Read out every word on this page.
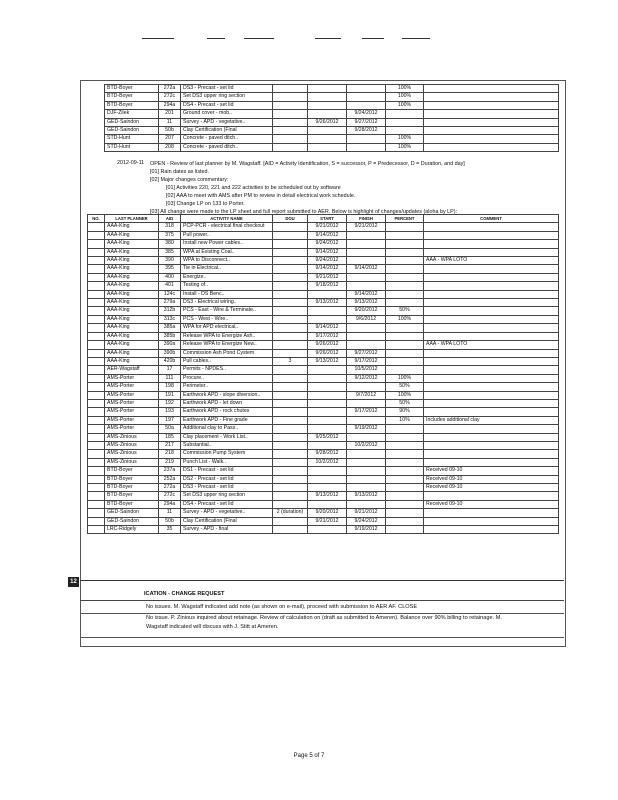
BTD-Boyer	272a	DS3 - Precast - set lid				100%	
BTD-Boyer	272c	Set DS3 upper ring section				100%	
BTD-Boyer	294a	DS4 - Precast - set lid				100%	
DJF-Zilek	201	Ground cover - mob..			9/24/2012		
GED-Saindon	11	Survey - APD - vegetative..		9/26/2012	9/27/2012		
GED-Saindon	50b	Clay Certification (Final			9/28/2012		
STD-Hunt	207	Concrete - paved ditch..				100%	
STD-Hunt	208	Concrete - paved ditch..				100%	
2012-09-11 OPEN - Review of last planner by M. Wagstaff. [AID = Activity Identification, S = successor, P = Predecessor, D = Duration, and day]
[01] Rain dates as listed.
[02] Major changes commentary:
[01] Activities 220, 221 and 222 activities to be scheduled out by software
[02] AAA to meet with AMS after PM to review in detail electrical work schedule.
[03] Change LP on 133 to Porter.
[03] All change were made to the LP sheet and full report submitted to AER. Below is highlight of changes/updates (aloha by LP):
NO.	LAST PLANNER	AID	ACTIVITY NAME	DOU	START	FINISH	PERCENT	COMMENT
	AAA-King	318	PCP-PCR - electrical final checkout		9/21/2012	9/21/2012		
	AAA-King	375	Pull power..		9/14/2012			
	AAA-King	380	Install new Power cables..		9/24/2012			
	AAA-King	385	WPA at Existing Coal..		9/14/2012			
	AAA-King	390	WPA to Disconnect..		9/24/2012			AAA - WPA LOTO
	AAA-King	395	Tie in Electrical..		9/14/2012	9/14/2012		
	AAA-King	400	Energize..		9/21/2012			
	AAA-King	401	Testing of..		9/18/2012			
	AAA-King	124c	Install - DS Benc..			9/14/2012		
	AAA-King	279a	DS3 - Electrical wiring..		9/13/2012	9/13/2012		
	AAA-King	312b	PCS - East - Wire & Terminate..			9/20/2012	50%	
	AAA-King	313c	PCS - West - Wire..			9/6/2012	100%	
	AAA-King	385a	WPA for APD electrical..		9/14/2012			
	AAA-King	385b	Release WPA to Energize Ash..		9/17/2012			
	AAA-King	390a	Release WPA to Energize New..		9/26/2012			AAA - WPA LOTO
	AAA-King	390b	Commission Ash Pond Cystem		9/26/2012	9/27/2012		
	AAA-King	420b	Pull cables..	3	9/13/2012	9/17/2012		
	AER-Wagstaff	17	Permits - NPDES..			10/5/2012		
	AMS-Porter	111	Procure..			9/12/2012	100%	
	AMS-Porter	198	Perimeter..				50%	
	AMS-Porter	191	Earthwork APD - slope diversion..			9/7/2012	100%	
	AMS-Porter	192	Earthwork APD - let down				50%	
	AMS-Porter	193	Earthwork APD - rock chutes			9/17/2012	90%	
	AMS-Porter	197	Earthwork APD - Fine grade				10%	Includes additional clay
	AMS-Porter	50a	Additional clay to Pass..			9/19/2012		
	AMS-Zinious	185	Clay placement - Work List..		9/25/2012			
	AMS-Zinious	217	Substantial..			10/2/2012		
	AMS-Zinious	218	Commission Pump System		9/28/2012			
	AMS-Zinious	219	Punch List - Walk..		10/2/2012			
	BTD-Boyer	237a	DS1 - Precast - set lid					Received 09-10
	BTD-Boyer	252a	DS2 - Precast - set lid					Received 09-10
	BTD-Boyer	272a	DS3 - Precast - set lid					Received 09-10
	BTD-Boyer	272c	Set DS3 upper ring section		9/13/2012	9/13/2012		
	BTD-Boyer	294a	DS4 - Precast - set lid					Received 09-10
	GED-Saindon	11	Survey - APD - vegetative..	2 (duration)	9/20/2012	9/21/2012		
	GED-Saindon	50b	Clay Certification (Final		9/21/2012	9/24/2012		
	LRC-Ridgely	35	Survey - APD - final			9/19/2012		
12
ICATION - CHANGE REQUEST
No issues. M. Wagstaff indicated add note (as shown on e-mail), proceed with submission to AER AF. CLOSE
No issue. P. Zinious inquired about retainage. Review of calculation on (draft as submitted to Ameren). Balance over 90% billing to retainage. M.
Wagstaff indicated will discuss with J. Stitt at Ameren.
Page 5 of 7
